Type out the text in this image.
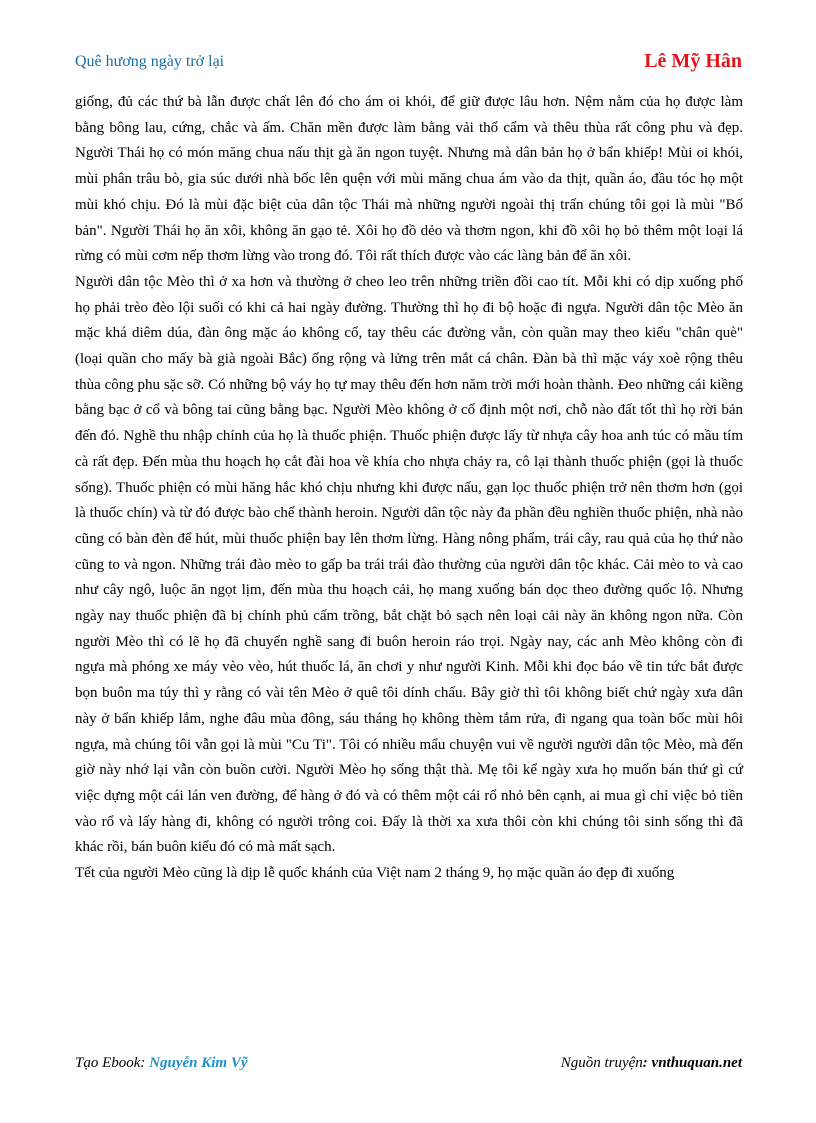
Quê hương ngày trở lại	Lê Mỹ Hân

giống, đủ các thứ bà lẫn được chất lên đó cho ám oi khói, để giữ được lâu hơn. Nệm nằm của họ được làm bằng bông lau, cứng, chắc và ấm. Chăn mền được làm bằng vải thổ cẩm và thêu thùa rất công phu và đẹp. Người Thái họ có món măng chua nấu thịt gà ăn ngon tuyệt. Nhưng mà dân bản họ ở bẩn khiếp! Mùi oi khói, mùi phân trâu bò, gia súc dưới nhà bốc lên quện với mùi măng chua ám vào da thịt, quần áo, đầu tóc họ một mùi khó chịu. Đó là mùi đặc biệt của dân tộc Thái mà những người ngoài thị trấn chúng tôi gọi là mùi "Bố bản". Người Thái họ ăn xôi, không ăn gạo tẻ. Xôi họ đồ dẻo và thơm ngon, khi đồ xôi họ bỏ thêm một loại lá rừng có mùi cơm nếp thơm lừng vào trong đó. Tôi rất thích được vào các làng bản để ăn xôi.

Người dân tộc Mèo thì ở xa hơn và thường ở cheo leo trên những triền đồi cao tít. Mỗi khi có dịp xuống phố họ phải trèo đèo lội suối có khi cả hai ngày đường. Thường thì họ đi bộ hoặc đi ngựa. Người dân tộc Mèo ăn mặc khá diêm dúa, đàn ông mặc áo không cổ, tay thêu các đường vằn, còn quần may theo kiểu "chân què" (loại quần cho mấy bà già ngoài Bắc) ống rộng và lửng trên mắt cá chân. Đàn bà thì mặc váy xoè rộng thêu thùa công phu sặc sỡ. Có những bộ váy họ tự may thêu đến hơn năm trời mới hoàn thành. Đeo những cái kiềng bằng bạc ở cổ và bông tai cũng bằng bạc. Người Mèo không ở cố định một nơi, chỗ nào đất tốt thì họ rời bản đến đó. Nghề thu nhập chính của họ là thuốc phiện. Thuốc phiện được lấy từ nhựa cây hoa anh túc có mầu tím cà rất đẹp. Đến mùa thu hoạch họ cắt đài hoa về khía cho nhựa chảy ra, cô lại thành thuốc phiện (gọi là thuốc sống). Thuốc phiện có mùi hăng hắc khó chịu nhưng khi được nấu, gạn lọc thuốc phiện trở nên thơm hơn (gọi là thuốc chín) và từ đó được bào chế thành heroin. Người dân tộc này đa phần đều nghiền thuốc phiện, nhà nào cũng có bàn đèn để hút, mùi thuốc phiện bay lên thơm lừng. Hàng nông phẩm, trái cây, rau quả của họ thứ nào cũng to và ngon. Những trái đào mèo to gấp ba trái trái đào thường của người dân tộc khác. Cải mèo to và cao như cây ngô, luộc ăn ngọt lịm, đến mùa thu hoạch cải, họ mang xuống bán dọc theo đường quốc lộ. Nhưng ngày nay thuốc phiện đã bị chính phủ cấm trồng, bắt chặt bỏ sạch nên loại cải này ăn không ngon nữa. Còn người Mèo thì có lẽ họ đã chuyển nghề sang đi buôn heroin ráo trọi. Ngày nay, các anh Mèo không còn đi ngựa mà phóng xe máy vèo vèo, hút thuốc lá, ăn chơi y như người Kinh. Mỗi khi đọc báo về tin tức bắt được bọn buôn ma túy thì y rằng có vài tên Mèo ở quê tôi dính chấu. Bây giờ thì tôi không biết chứ ngày xưa dân này ở bẩn khiếp lắm, nghe đâu mùa đông, sáu tháng họ không thèm tắm rửa, đi ngang qua toàn bốc mùi hôi ngựa, mà chúng tôi vẫn gọi là mùi "Cu Ti". Tôi có nhiều mẩu chuyện vui về người người dân tộc Mèo, mà đến giờ này nhớ lại vẫn còn buồn cười. Người Mèo họ sống thật thà. Mẹ tôi kể ngày xưa họ muốn bán thứ gì cứ việc dựng một cái lán ven đường, để hàng ở đó và có thêm một cái rổ nhỏ bên cạnh, ai mua gì chỉ việc bỏ tiền vào rổ và lấy hàng đi, không có người trông coi. Đấy là thời xa xưa thôi còn khi chúng tôi sinh sống thì đã khác rồi, bán buôn kiểu đó có mà mất sạch.

Tết của người Mèo cũng là dịp lễ quốc khánh của Việt nam 2 tháng 9, họ mặc quần áo đẹp đi xuống

Tạo Ebook: Nguyễn Kim Vỹ	Nguồn truyện: vnthuquan.net
